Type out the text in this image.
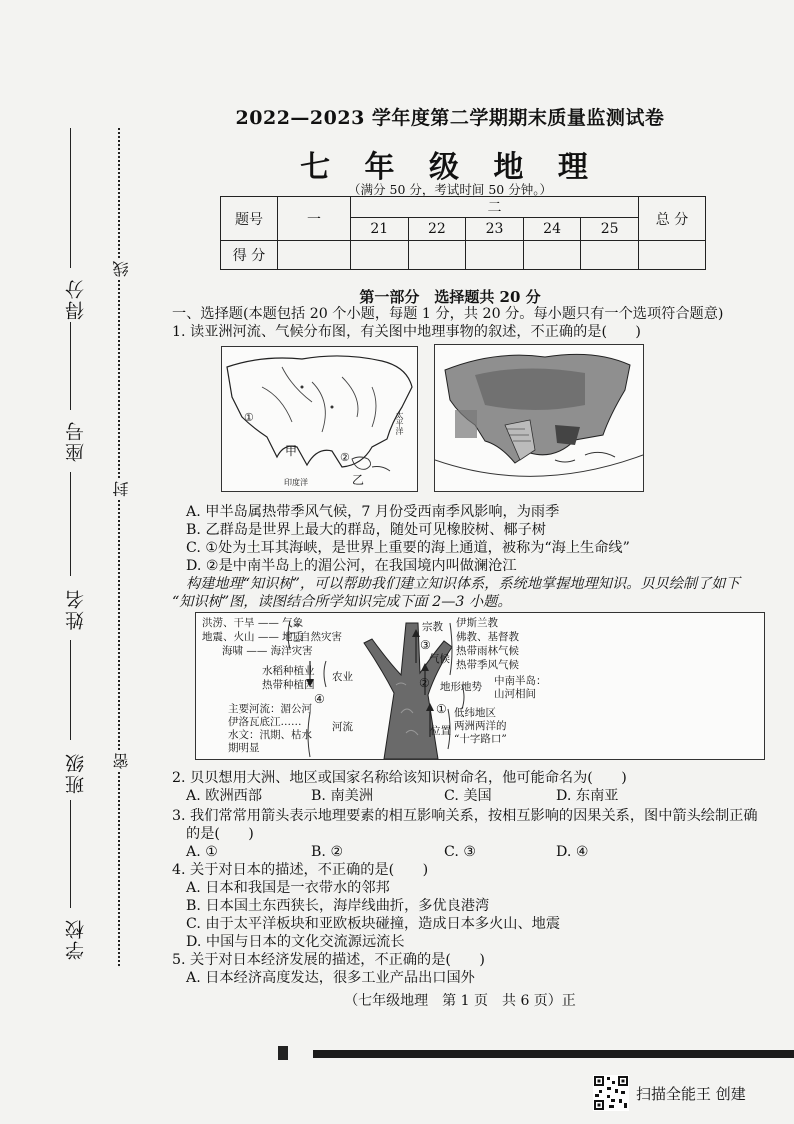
线
封
密
得分
座号
姓名
班级
学校
2022—2023 学年度第二学期期末质量监测试卷
七 年 级 地 理
（满分 50 分，考试时间 50 分钟。）
题号	一	二					总 分
		21	22	23	24	25	
得 分							
第一部分　选择题共 20 分
一、选择题(本题包括 20 个小题，每题 1 分，共 20 分。每小题只有一个选项符合题意)
1. 读亚洲河流、气候分布图，有关图中地理事物的叙述，不正确的是(　　)
甲
乙
①
②
太平洋
印度洋
A. 甲半岛属热带季风气候，7 月份受西南季风影响，为雨季
B. 乙群岛是世界上最大的群岛，随处可见橡胶树、椰子树
C. ①处为土耳其海峡，是世界上重要的海上通道，被称为“海上生命线”
D. ②是中南半岛上的湄公河，在我国境内叫做澜沧江
构建地理“知识树”，可以帮助我们建立知识体系，系统地掌握地理知识。贝贝绘制了如下
“知识树”图，读图结合所学知识完成下面 2—3 小题。
洪涝、干旱 —— 气象
地震、火山 —— 地质
海啸 —— 海洋灾害
自然灾害
水稻种植业
热带种植园
农业
④
主要河流：湄公河
伊洛瓦底江……
水文：汛期、枯水
期明显
河流
宗教 伊斯兰教
佛教、基督教
热带雨林气候
热带季风气候
③
气候
② 地形地势 中南半岛：
山河相间
①
位置
低纬地区
两洲两洋的
“十字路口”
2. 贝贝想用大洲、地区或国家名称给该知识树命名，他可能命名为(　　)
A. 欧洲西部	B. 南美洲	C. 美国	D. 东南亚
3. 我们常常用箭头表示地理要素的相互影响关系，按相互影响的因果关系，图中箭头绘制正确
的是(　　)
A. ①	B. ②	C. ③	D. ④
4. 关于对日本的描述，不正确的是(　　)
A. 日本和我国是一衣带水的邻邦
B. 日本国土东西狭长，海岸线曲折，多优良港湾
C. 由于太平洋板块和亚欧板块碰撞，造成日本多火山、地震
D. 中国与日本的文化交流源远流长
5. 关于对日本经济发展的描述，不正确的是(　　)
A. 日本经济高度发达，很多工业产品出口国外
（七年级地理　第 1 页　共 6 页）正
扫描全能王 创建
